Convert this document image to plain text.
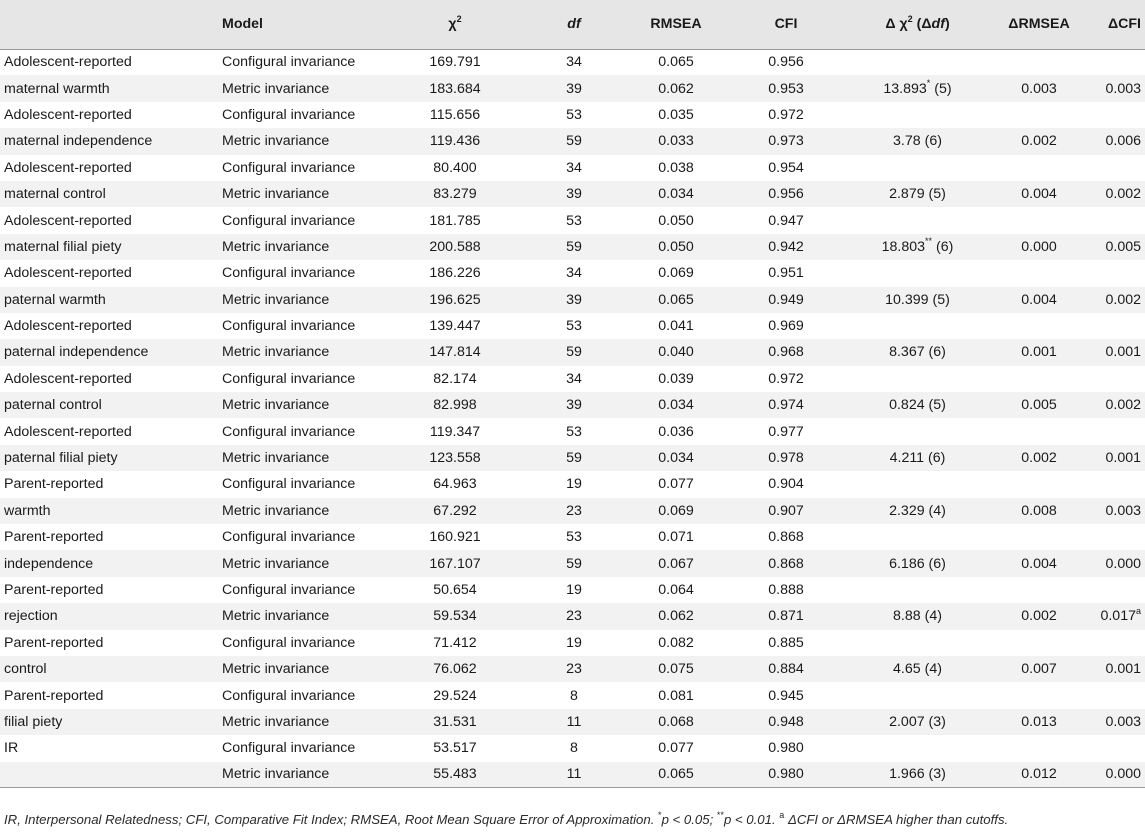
	Model	$\chi^2$	df	RMSEA	CFI	Δ $\chi^2$ (Δdf)	ΔRMSEA	ΔCFI
Adolescent-reported	Configural invariance	169.791	34	0.065	0.956			
maternal warmth	Metric invariance	183.684	39	0.062	0.953	13.893* (5)	0.003	0.003
Adolescent-reported	Configural invariance	115.656	53	0.035	0.972			
maternal independence	Metric invariance	119.436	59	0.033	0.973	3.78 (6)	0.002	0.006
Adolescent-reported	Configural invariance	80.400	34	0.038	0.954			
maternal control	Metric invariance	83.279	39	0.034	0.956	2.879 (5)	0.004	0.002
Adolescent-reported	Configural invariance	181.785	53	0.050	0.947			
maternal filial piety	Metric invariance	200.588	59	0.050	0.942	18.803** (6)	0.000	0.005
Adolescent-reported	Configural invariance	186.226	34	0.069	0.951			
paternal warmth	Metric invariance	196.625	39	0.065	0.949	10.399 (5)	0.004	0.002
Adolescent-reported	Configural invariance	139.447	53	0.041	0.969			
paternal independence	Metric invariance	147.814	59	0.040	0.968	8.367 (6)	0.001	0.001
Adolescent-reported	Configural invariance	82.174	34	0.039	0.972			
paternal control	Metric invariance	82.998	39	0.034	0.974	0.824 (5)	0.005	0.002
Adolescent-reported	Configural invariance	119.347	53	0.036	0.977			
paternal filial piety	Metric invariance	123.558	59	0.034	0.978	4.211 (6)	0.002	0.001
Parent-reported	Configural invariance	64.963	19	0.077	0.904			
warmth	Metric invariance	67.292	23	0.069	0.907	2.329 (4)	0.008	0.003
Parent-reported	Configural invariance	160.921	53	0.071	0.868			
independence	Metric invariance	167.107	59	0.067	0.868	6.186 (6)	0.004	0.000
Parent-reported	Configural invariance	50.654	19	0.064	0.888			
rejection	Metric invariance	59.534	23	0.062	0.871	8.88 (4)	0.002	0.017$^a$
Parent-reported	Configural invariance	71.412	19	0.082	0.885			
control	Metric invariance	76.062	23	0.075	0.884	4.65 (4)	0.007	0.001
Parent-reported	Configural invariance	29.524	8	0.081	0.945			
filial piety	Metric invariance	31.531	11	0.068	0.948	2.007 (3)	0.013	0.003
IR	Configural invariance	53.517	8	0.077	0.980			
	Metric invariance	55.483	11	0.065	0.980	1.966 (3)	0.012	0.000
IR, Interpersonal Relatedness; CFI, Comparative Fit Index; RMSEA, Root Mean Square Error of Approximation. *p < 0.05; **p < 0.01. $^a$ ΔCFI or ΔRMSEA higher than cutoffs.
